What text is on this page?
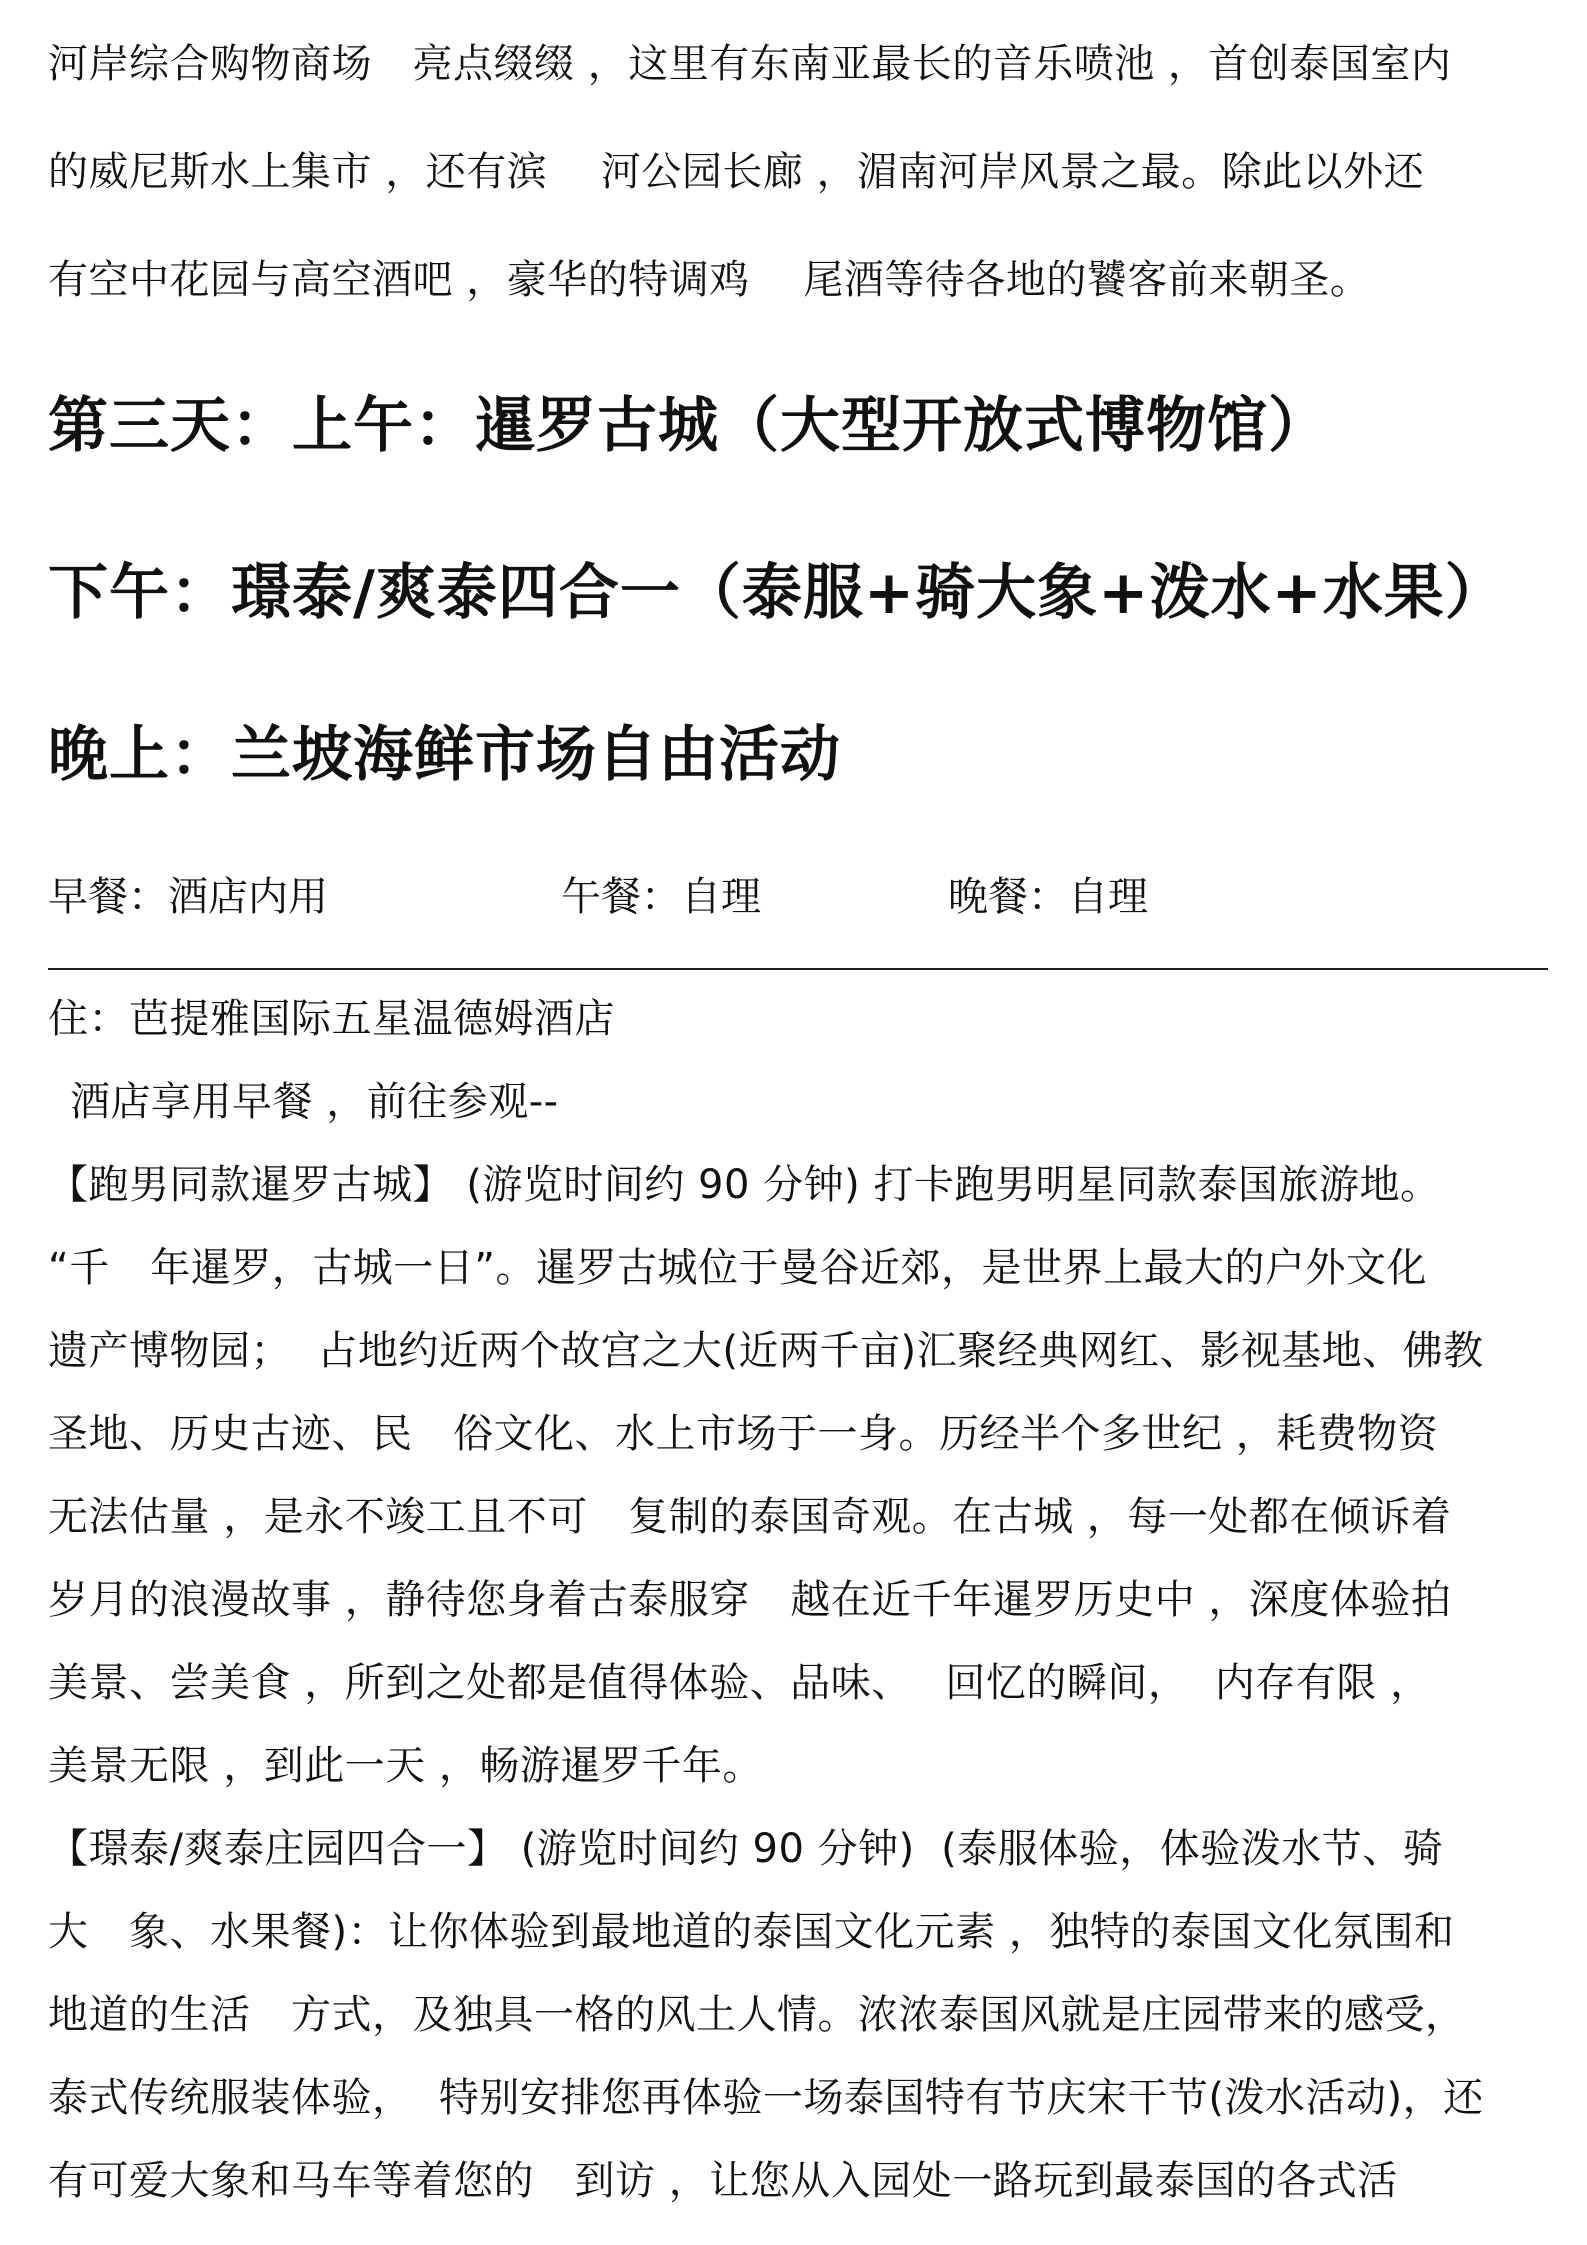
河岸综合购物商场　亮点缀缀 ，这里有东南亚最长的音乐喷池 ，首创泰国室内

的威尼斯水上集市 ，还有滨　 河公园长廊 ，湄南河岸风景之最。除此以外还

有空中花园与高空酒吧 ，豪华的特调鸡　 尾酒等待各地的饕客前来朝圣。

第三天：上午：暹罗古城（大型开放式博物馆）
下午：璟泰/爽泰四合一（泰服+骑大象+泼水+水果）
晚上：兰坡海鲜市场自由活动
早餐：酒店内用	午餐：自理	晚餐：自理

住：芭提雅国际五星温德姆酒店

酒店享用早餐 ，前往参观--

【跑男同款暹罗古城】 (游览时间约 90 分钟) 打卡跑男明星同款泰国旅游地。

“千　年暹罗，古城一日”。暹罗古城位于曼谷近郊，是世界上最大的户外文化

遗产博物园；  占地约近两个故宫之大(近两千亩)汇聚经典网红、影视基地、佛教

圣地、历史古迹、民　俗文化、水上市场于一身。历经半个多世纪 ，耗费物资

无法估量 ，是永不竣工且不可　复制的泰国奇观。在古城 ，每一处都在倾诉着

岁月的浪漫故事 ，静待您身着古泰服穿　越在近千年暹罗历史中 ，深度体验拍

美景、尝美食 ，所到之处都是值得体验、品味、　 回忆的瞬间，  内存有限 ，

美景无限 ，到此一天 ，畅游暹罗千年。

【璟泰/爽泰庄园四合一】 (游览时间约 90 分钟)  (泰服体验，体验泼水节、骑

大　象、水果餐)：让你体验到最地道的泰国文化元素 ，独特的泰国文化氛围和

地道的生活　方式，及独具一格的风土人情。浓浓泰国风就是庄园带来的感受，

泰式传统服装体验，  特别安排您再体验一场泰国特有节庆宋干节(泼水活动)，还

有可爱大象和马车等着您的　到访 ，让您从入园处一路玩到最泰国的各式活
